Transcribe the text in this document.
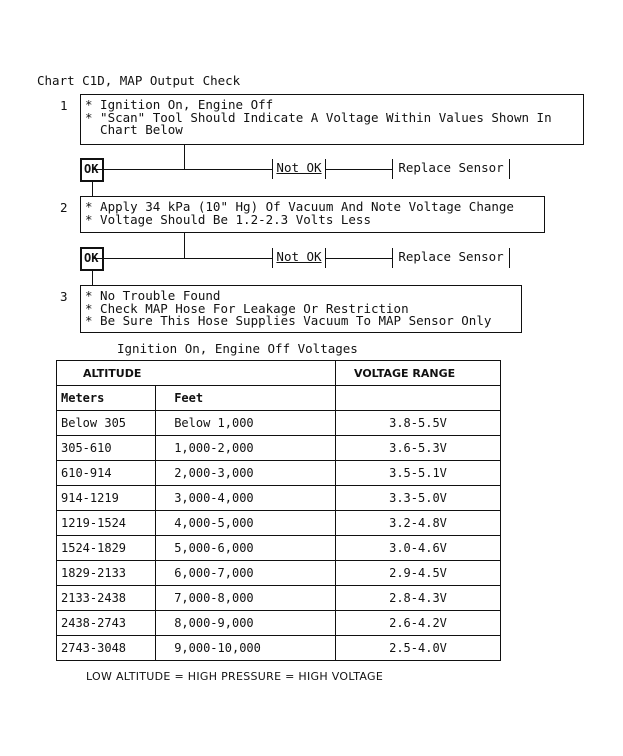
Chart C1D, MAP Output Check
1 * Ignition On, Engine Off
* "Scan" Tool Should Indicate A Voltage Within Values Shown In
Chart Below
OK	Not OK	Replace Sensor
2 * Apply 34 kPa (10" Hg) Of Vacuum And Note Voltage Change
* Voltage Should Be 1.2-2.3 Volts Less
OK	Not OK	Replace Sensor
3 * No Trouble Found
* Check MAP Hose For Leakage Or Restriction
* Be Sure This Hose Supplies Vacuum To MAP Sensor Only
Ignition On, Engine Off Voltages
ALTITUDE		VOLTAGE RANGE
Meters	Feet	
Below 305	Below 1,000	3.8-5.5V
305-610	1,000-2,000	3.6-5.3V
610-914	2,000-3,000	3.5-5.1V
914-1219	3,000-4,000	3.3-5.0V
1219-1524	4,000-5,000	3.2-4.8V
1524-1829	5,000-6,000	3.0-4.6V
1829-2133	6,000-7,000	2.9-4.5V
2133-2438	7,000-8,000	2.8-4.3V
2438-2743	8,000-9,000	2.6-4.2V
2743-3048	9,000-10,000	2.5-4.0V
LOW ALTITUDE = HIGH PRESSURE = HIGH VOLTAGE
